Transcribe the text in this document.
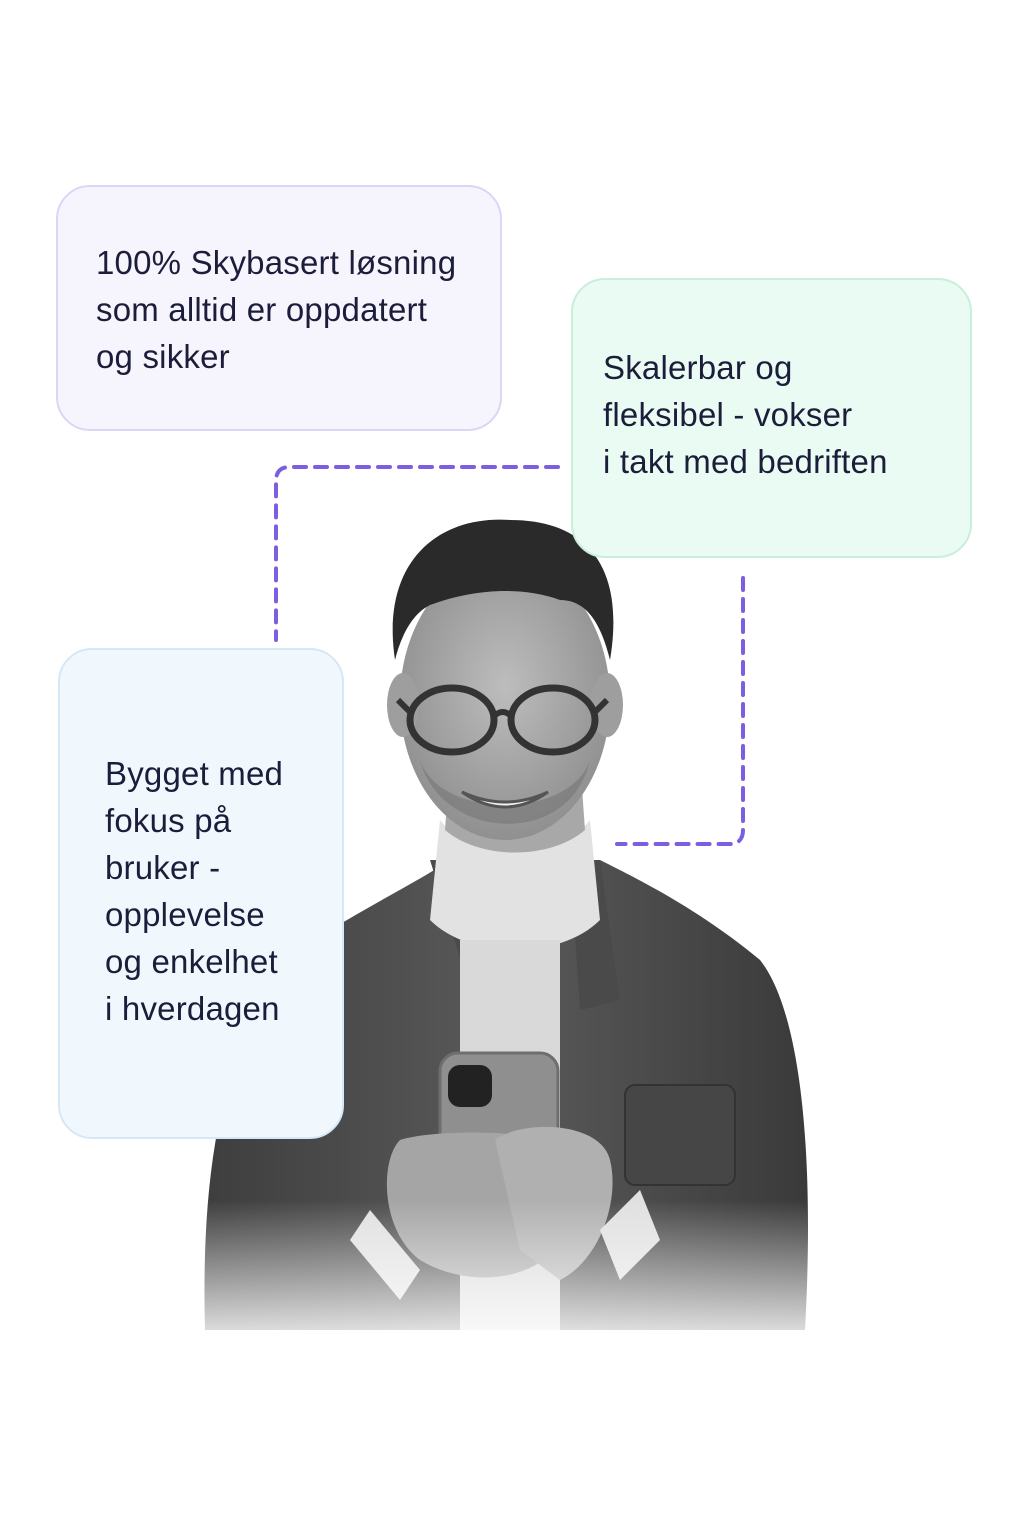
100% Skybasert løsning
som alltid er oppdatert
og sikker	Skalerbar og
fleksibel - vokser
i takt med bedriften

Bygget med
fokus på
bruker -
opplevelse
og enkelhet
i hverdagen
